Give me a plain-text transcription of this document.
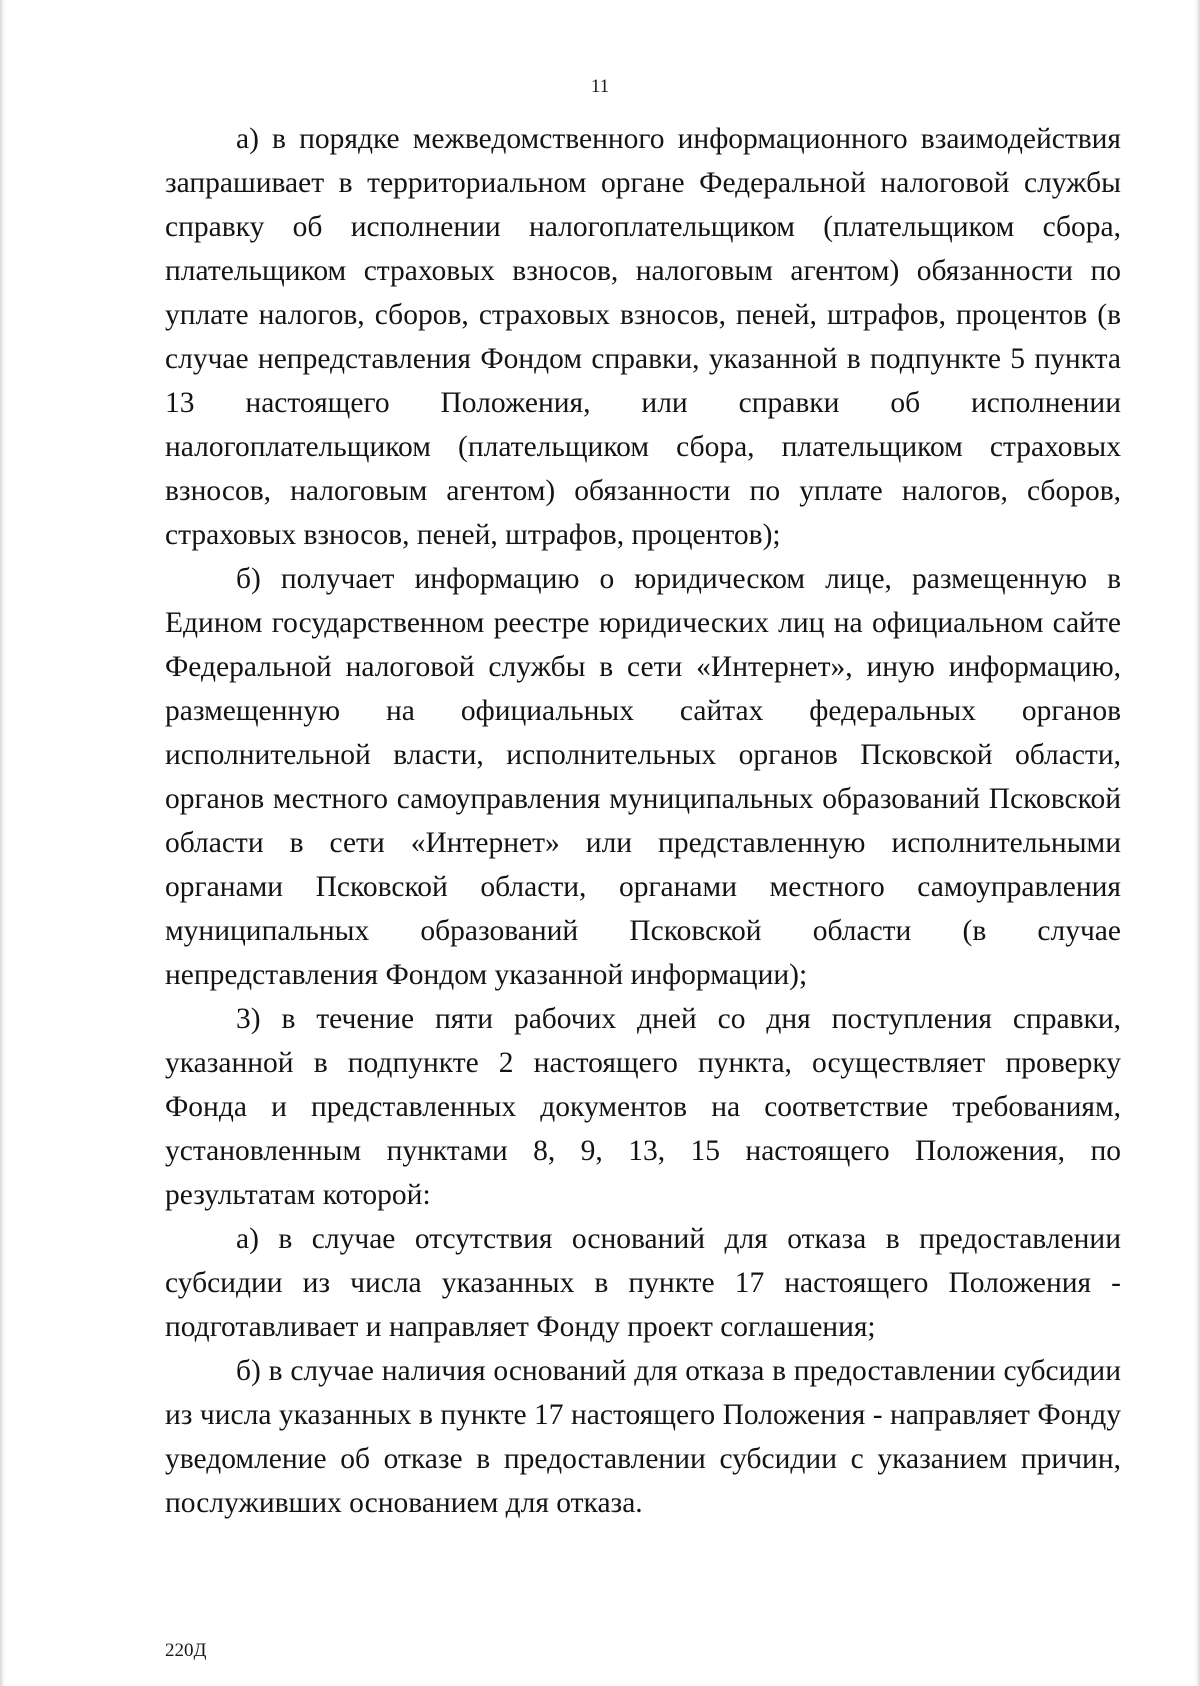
11

а) в порядке межведомственного информационного взаимодействия запрашивает в территориальном органе Федеральной налоговой службы справку об исполнении налогоплательщиком (плательщиком сбора, плательщиком страховых взносов, налоговым агентом) обязанности по уплате налогов, сборов, страховых взносов, пеней, штрафов, процентов (в случае непредставления Фондом справки, указанной в подпункте 5 пункта 13 настоящего Положения, или справки об исполнении налогоплательщиком (плательщиком сбора, плательщиком страховых взносов, налоговым агентом) обязанности по уплате налогов, сборов, страховых взносов, пеней, штрафов, процентов);

б) получает информацию о юридическом лице, размещенную в Едином государственном реестре юридических лиц на официальном сайте Федеральной налоговой службы в сети «Интернет», иную информацию, размещенную на официальных сайтах федеральных органов исполнительной власти, исполнительных органов Псковской области, органов местного самоуправления муниципальных образований Псковской области в сети «Интернет» или представленную исполнительными органами Псковской области, органами местного самоуправления муниципальных образований Псковской области (в случае непредставления Фондом указанной информации);

3) в течение пяти рабочих дней со дня поступления справки, указанной в подпункте 2 настоящего пункта, осуществляет проверку Фонда и представленных документов на соответствие требованиям, установленным пунктами 8, 9, 13, 15 настоящего Положения, по результатам которой:

а) в случае отсутствия оснований для отказа в предоставлении субсидии из числа указанных в пункте 17 настоящего Положения - подготавливает и направляет Фонду проект соглашения;

б) в случае наличия оснований для отказа в предоставлении субсидии из числа указанных в пункте 17 настоящего Положения - направляет Фонду уведомление об отказе в предоставлении субсидии с указанием причин, послуживших основанием для отказа.

220Д
